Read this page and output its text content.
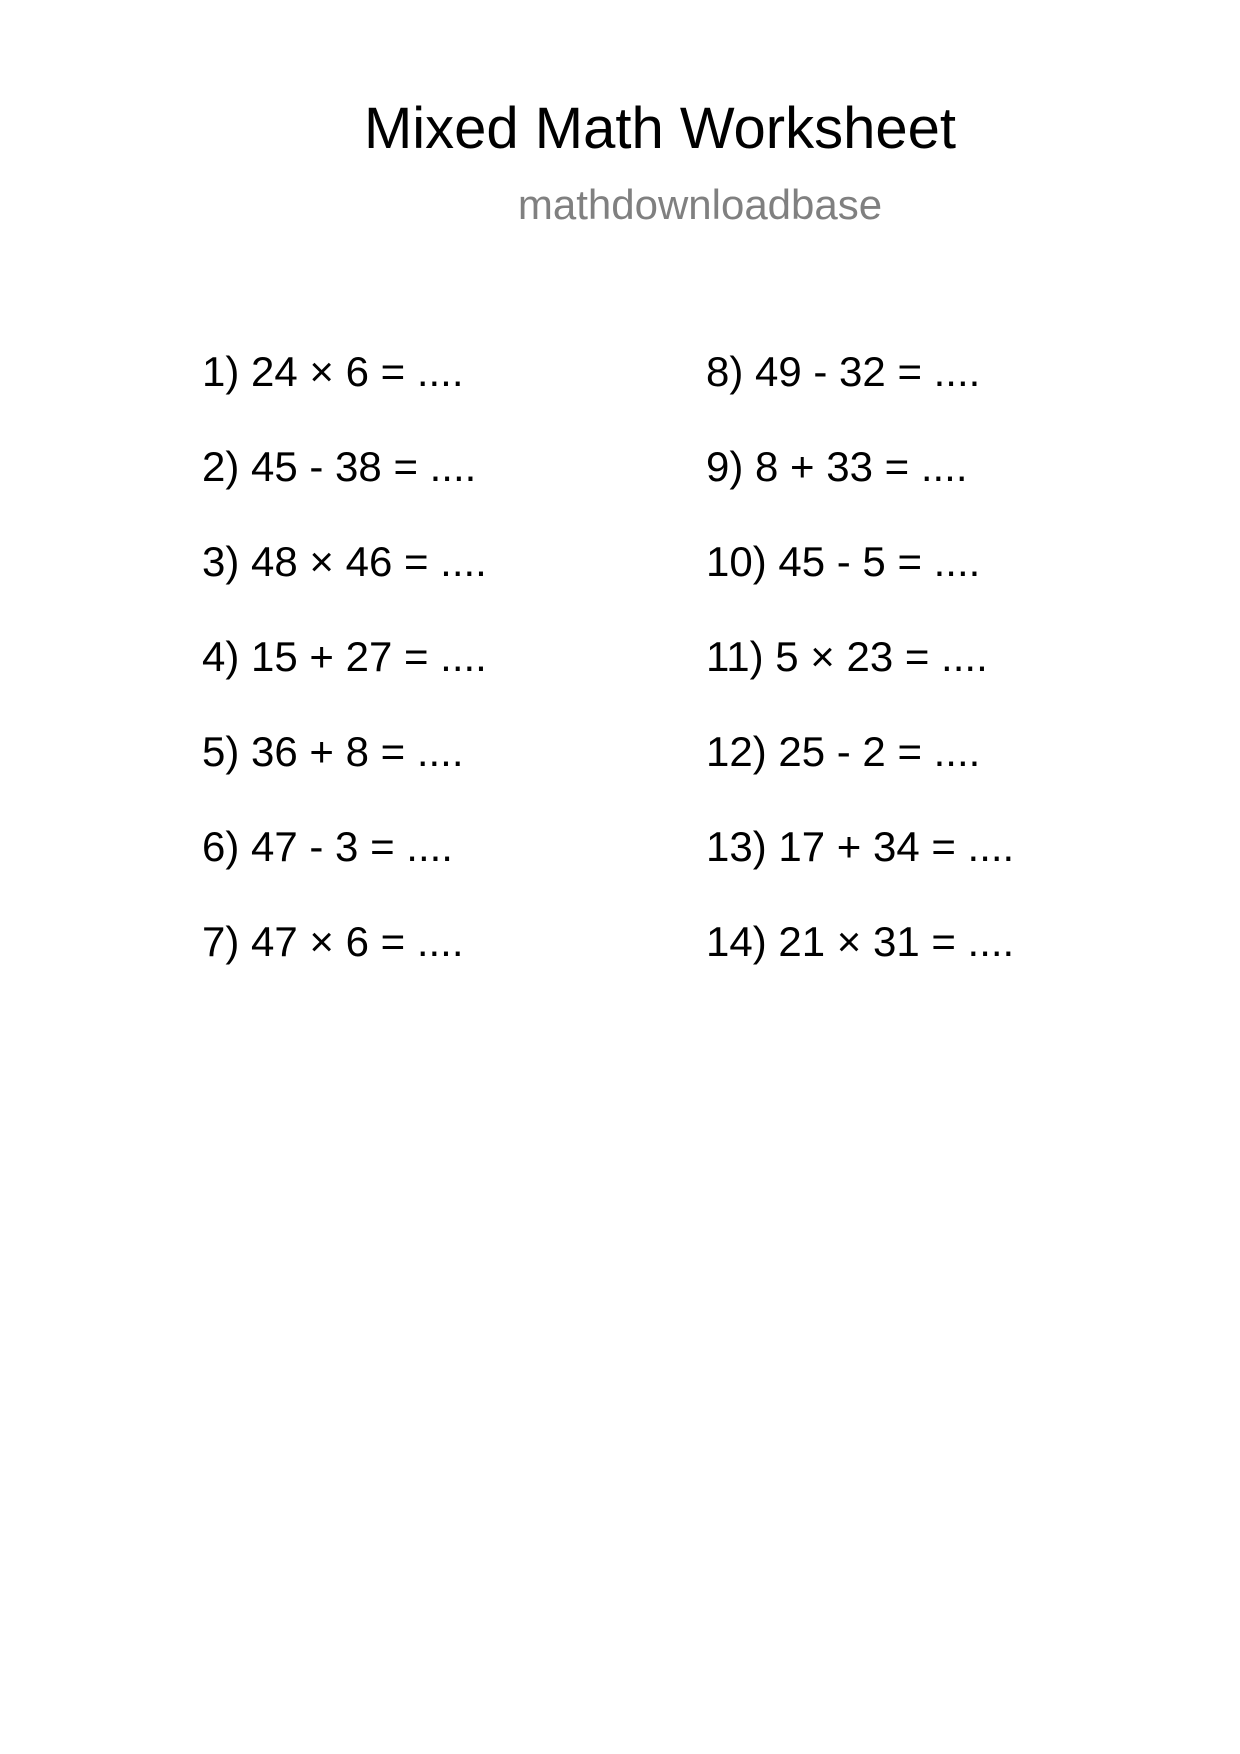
Mixed Math Worksheet
mathdownloadbase
1) 24 × 6 = ....
2) 45 - 38 = ....
3) 48 × 46 = ....
4) 15 + 27 = ....
5) 36 + 8 = ....
6) 47 - 3 = ....
7) 47 × 6 = ....
8) 49 - 32 = ....
9) 8 + 33 = ....
10) 45 - 5 = ....
11) 5 × 23 = ....
12) 25 - 2 = ....
13) 17 + 34 = ....
14) 21 × 31 = ....
